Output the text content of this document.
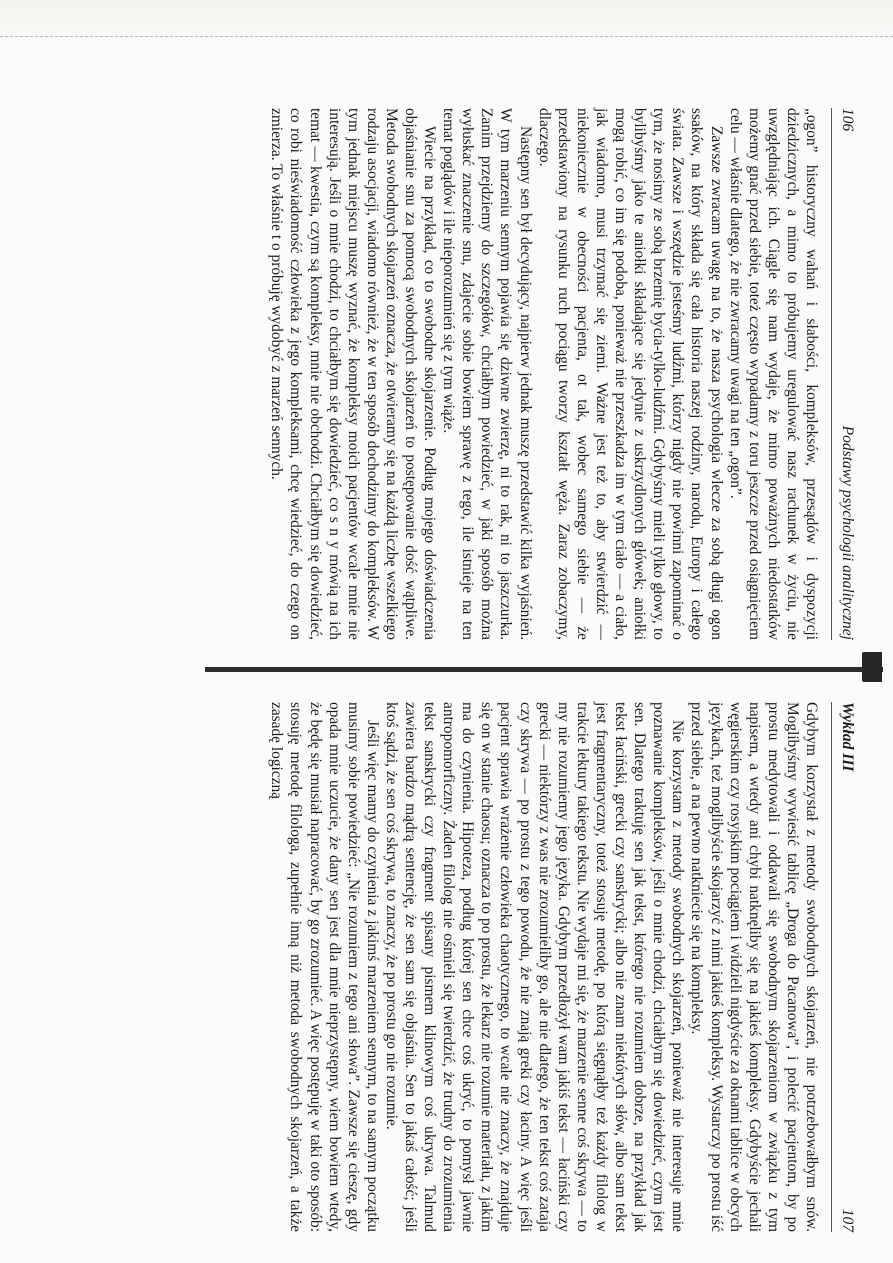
106
Podstawy psychologii analitycznej

„ogon” historyczny wahań i słabości, kompleksów, przesądów i dyspozycji dziedzicznych, a mimo to próbujemy uregulować nasz rachunek w życiu, nie uwzględniając ich. Ciągle się nam wydaje, że mimo poważnych niedostatków możemy gnać przed siebie, toteż często wypadamy z toru jeszcze przed osiągnięciem celu — właśnie dlatego, że nie zwracamy uwagi na ten „ogon”.

Zawsze zwracam uwagę na to, że nasza psychologia wlecze za sobą długi ogon ssaków, na który składa się cała historia naszej rodziny, narodu, Europy i całego świata. Zawsze i wszędzie jesteśmy ludźmi, którzy nigdy nie powinni zapominać o tym, że nosimy ze sobą brzemię bycia-tylko-ludźmi. Gdybyśmy mieli tylko głowy, to bylibyśmy jako te aniołki składające się jedynie z uskrzydlonych główek; aniołki mogą robić, co im się podoba, ponieważ nie przeszkadza im w tym ciało — a ciało, jak wiadomo, musi trzymać się ziemi. Ważne jest też to, aby stwierdzić — niekoniecznie w obecności pacjenta, ot tak, wobec samego siebie — że przedstawiony na rysunku ruch pociągu tworzy kształt węża. Zaraz zobaczymy, dlaczego.

Następny sen był decydujący, najpierw jednak muszę przedstawić kilka wyjaśnień. W tym marzeniu sennym pojawia się dziwne zwierzę, ni to rak, ni to jaszczurka. Zanim przejdziemy do szczegółów, chciałbym powiedzieć, w jaki sposób można wyłuskać znaczenie snu, zdajecie sobie bowiem sprawę z tego, ile istnieje na ten temat poglądów i ile nieporozumień się z tym wiąże.

Wiecie na przykład, co to swobodne skojarzenie. Podług mojego doświadczenia objaśnianie snu za pomocą swobodnych skojarzeń to postępowanie dość wątpliwe. Metoda swobodnych skojarzeń oznacza, że otwieramy się na każdą liczbę wszelkiego rodzaju asocjacji, wiadomo również, że w ten sposób dochodzimy do kompleksów. W tym jednak miejscu muszę wyznać, że kompleksy moich pacjentów wcale mnie nie interesują. Jeśli o mnie chodzi, to chciałbym się dowiedzieć, co s n y mówią na ich temat — kwestia, czym są kompleksy, mnie nie obchodzi. Chciałbym się dowiedzieć, co robi nieświadomość człowieka z jego kompleksami, chcę wiedzieć, do czego on zmierza. To właśnie t o próbuję wydobyć z marzeń sennych.

Wykład III
107

Gdybym korzystał z metody swobodnych skojarzeń, nie potrzebowałbym snów. Moglibyśmy wywiesić tablicę „Droga do Pacanowa”, i polecić pacjentom, by po prostu medytowali i oddawali się swobodnym skojarzeniom w związku z tym napisem, a wtedy ani chybi natknęliby się na jakieś kompleksy. Gdybyście jechali węgierskim czy rosyjskim pociągiem i widzieli nigdyście za oknami tablice w obcych językach, też moglibyście skojarzyć z nimi jakieś kompleksy. Wystarczy po prostu iść przed siebie, a na pewno natkniecie się na kompleksy.

Nie korzystam z metody swobodnych skojarzeń, ponieważ nie interesuje mnie poznawanie kompleksów, jeśli o mnie chodzi, chciałbym się dowiedzieć, czym jest sen. Dlatego traktuję sen jak tekst, którego nie rozumiem dobrze, na przykład jak tekst łaciński, grecki czy sanskrycki; albo nie znam niektórych słów, albo sam tekst jest fragmentaryczny, toteż stosuję metodę, po którą sięgnąłby też każdy filolog w trakcie lektury takiego tekstu. Nie wydaje mi się, że marzenie senne coś skrywa — to my nie rozumiemy jego języka. Gdybym przedłożył wam jakiś tekst — łaciński czy grecki — niektórzy z was nie zrozumieliby go, ale nie dlatego, że ten tekst coś zataja czy skrywa — po prostu z tego powodu, że nie znają greki czy łaciny. A więc jeśli pacjent sprawia wrażenie człowieka chaotycznego, to wcale nie znaczy, że znajduje się on w stanie chaosu; oznacza to po prostu, że lekarz nie rozumie materiału, z jakim ma do czynienia. Hipoteza, podług której sen chce coś ukryć, to pomysł jawnie antropomorficzny. Żaden filolog nie ośmieli się twierdzić, że trudny do zrozumienia tekst sanskrycki czy fragment spisany pismem klinowym coś ukrywa. Talmud zawiera bardzo mądrą sentencję, że sen sam się objaśnia. Sen to jakaś całość; jeśli ktoś sądzi, że sen coś skrywa, to znaczy, że po prostu go nie rozumie.

Jeśli więc mamy do czynienia z jakimś marzeniem sennym, to na samym początku musimy sobie powiedzieć: „Nie rozumiem z tego ani słowa”. Zawsze się cieszę, gdy opada mnie uczucie, że dany sen jest dla mnie nieprzystępny, wiem bowiem wtedy, że będę się musiał napracować, by go zrozumieć. A więc postępuję w taki oto sposób: stosuję metodę filologa, zupełnie inną niż metoda swobodnych skojarzeń, a także zasadę logiczną
